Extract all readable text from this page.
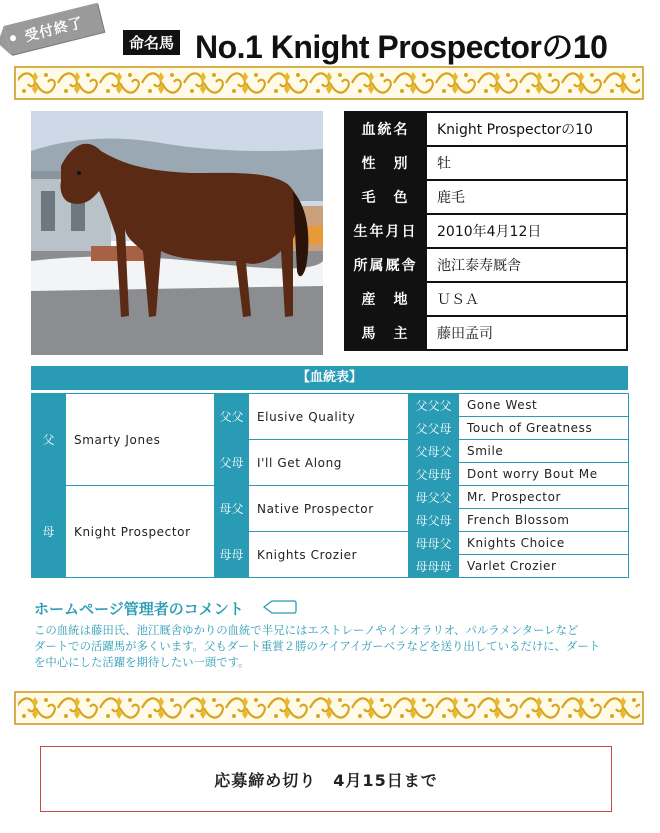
受付終了	命名馬 No.1 Knight Prospectorの10
血統名	Knight Prospectorの10
性　別	牡
毛　色	鹿毛
生年月日	2010年4月12日
所属厩舎	池江泰寿厩舎
産　地	ＵＳＡ
馬　主	藤田孟司
【血統表】
父	Smarty Jones	父父	Elusive Quality	父父父	Gone West
				父父母	Touch of Greatness
		父母	I'll Get Along	父母父	Smile
				父母母	Dont worry Bout Me
母	Knight Prospector	母父	Native Prospector	母父父	Mr. Prospector
				母父母	French Blossom
		母母	Knights Crozier	母母父	Knights Choice
				母母母	Varlet Crozier
ホームページ管理者のコメント
この血統は藤田氏、池江厩舎ゆかりの血統で半兄にはエストレーノやインオラリオ、パルラメンターレなど
ダートでの活躍馬が多くいます。父もダート重賞２勝のケイアイガーベラなどを送り出しているだけに、ダート
を中心にした活躍を期待したい一頭です。
応募締め切り　4月15日まで
